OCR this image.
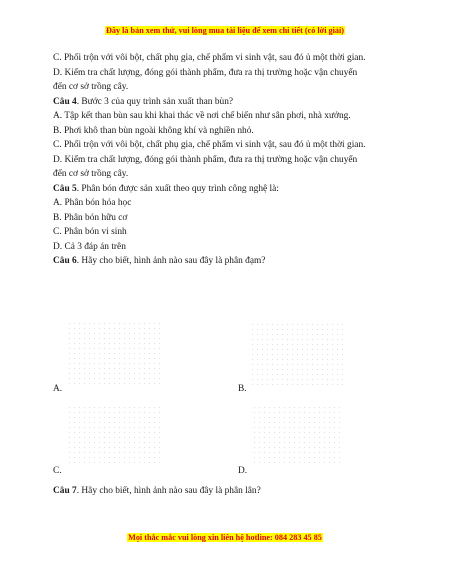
Đây là bản xem thử, vui lòng mua tài liệu để xem chi tiết (có lời giải)

C. Phối trộn với vôi bột, chất phụ gia, chế phẩm vi sinh vật, sau đó ủ một thời gian.

D. Kiểm tra chất lượng, đóng gói thành phẩm, đưa ra thị trường hoặc vận chuyển

đến cơ sở trồng cây.

Câu 4. Bước 3 của quy trình sản xuất than bùn?

A. Tập kết than bùn sau khi khai thác về nơi chế biến như sân phơi, nhà xưởng.

B. Phơi khô than bùn ngoài không khí và nghiền nhỏ.

C. Phối trộn với vôi bột, chất phụ gia, chế phẩm vi sinh vật, sau đó ủ một thời gian.

D. Kiểm tra chất lượng, đóng gói thành phẩm, đưa ra thị trường hoặc vận chuyển

đến cơ sở trồng cây.

Câu 5. Phân bón được sản xuất theo quy trình công nghệ là:

A. Phân bón hóa học

B. Phân bón hữu cơ

C. Phân bón vi sinh

D. Cả 3 đáp án trên

Câu 6. Hãy cho biết, hình ảnh nào sau đây là phân đạm?

A.	B.
C.	D.

Câu 7. Hãy cho biết, hình ảnh nào sau đây là phân lân?

Mọi thắc mắc vui lòng xin liên hệ hotline: 084 283 45 85
